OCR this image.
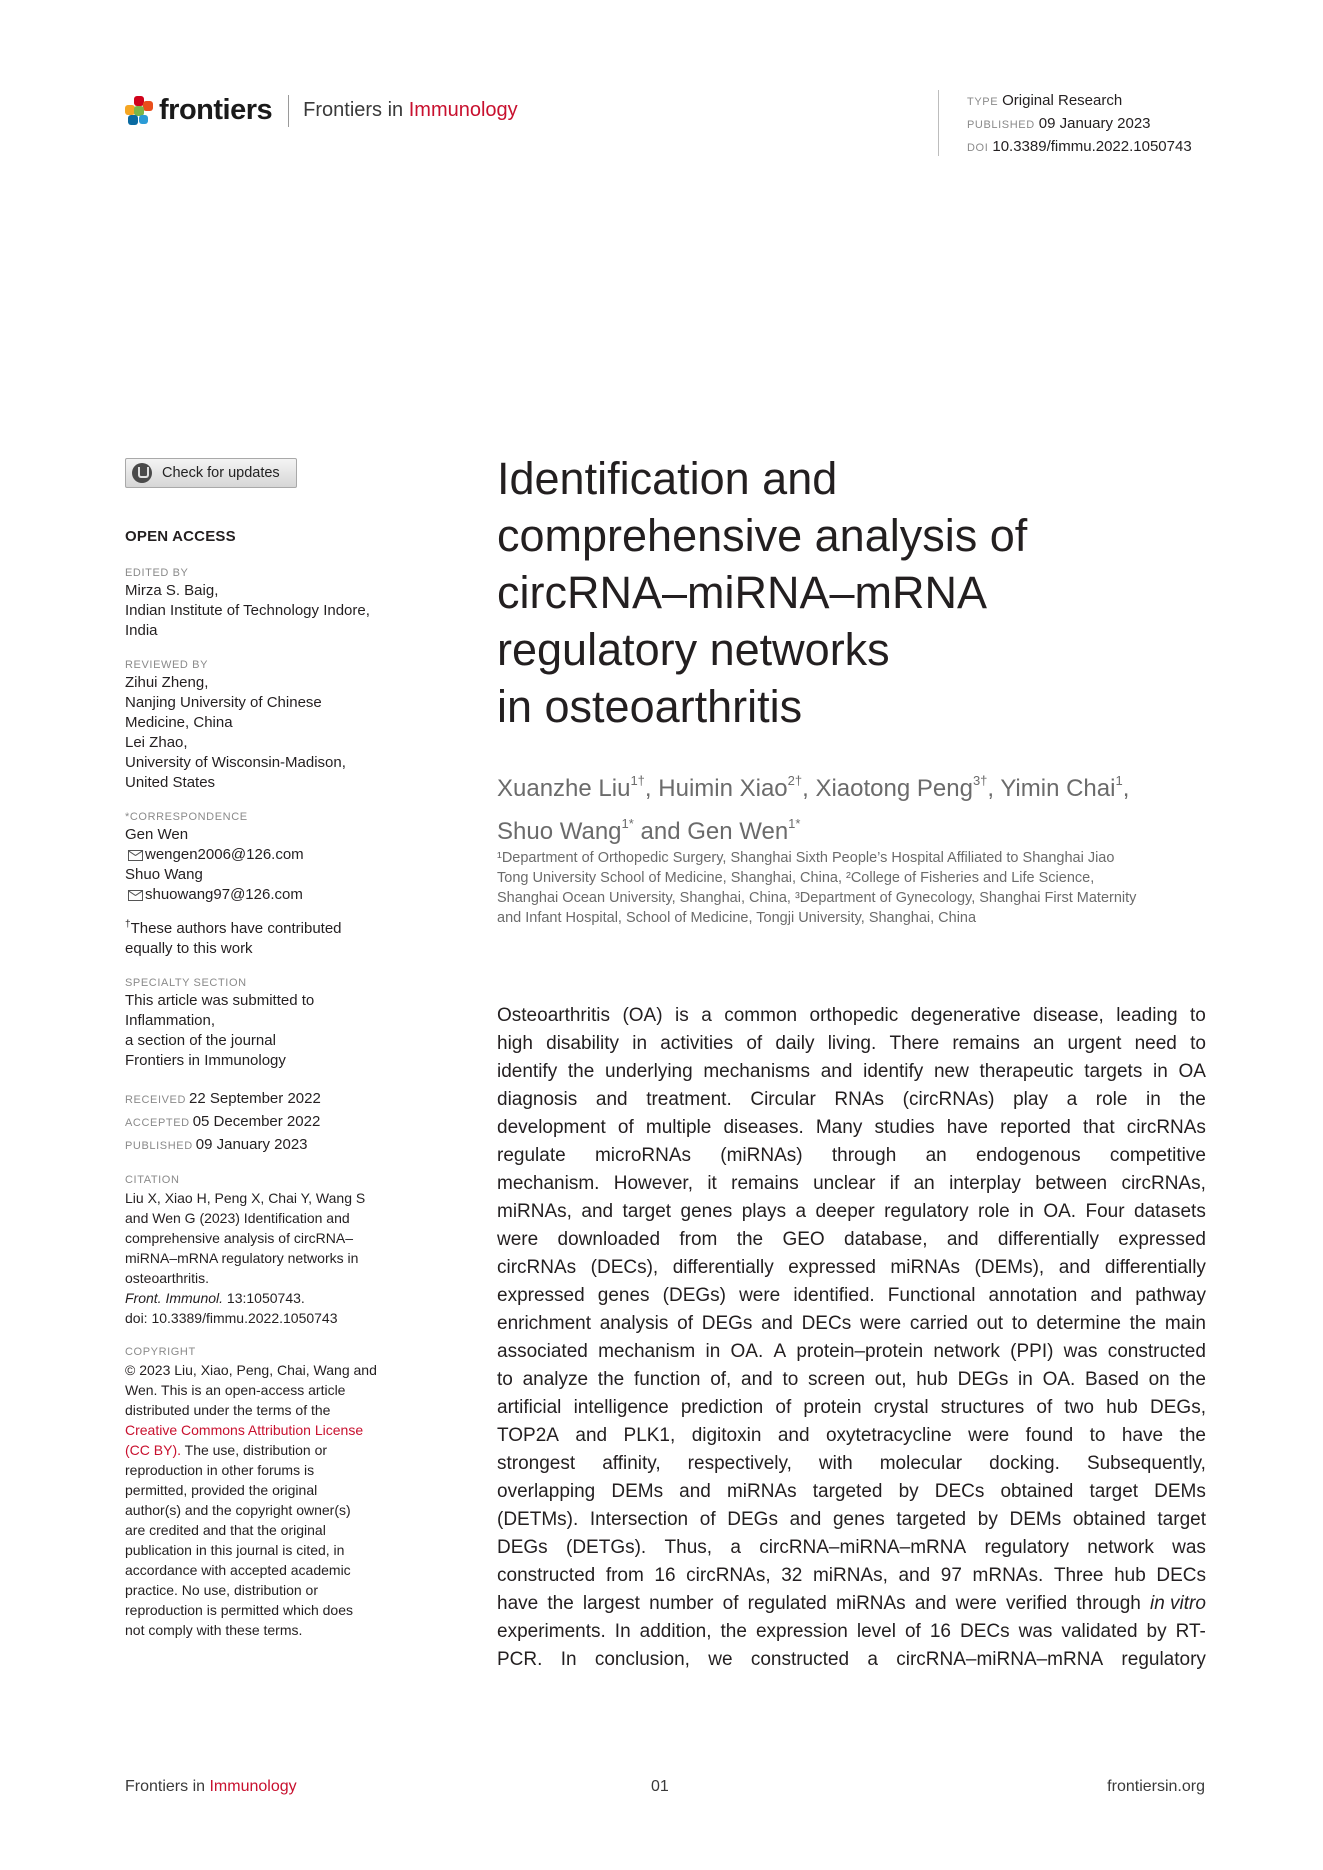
frontiers Frontiers in Immunology	TYPE Original Research
PUBLISHED 09 January 2023
DOI 10.3389/fimmu.2022.1050743
Check for updates
OPEN ACCESS
EDITED BY
Mirza S. Baig,
Indian Institute of Technology Indore,
India
REVIEWED BY
Zihui Zheng,
Nanjing University of Chinese
Medicine, China
Lei Zhao,
University of Wisconsin-Madison,
United States
*CORRESPONDENCE
Gen Wen
wengen2006@126.com
Shuo Wang
shuowang97@126.com
†These authors have contributed
equally to this work
SPECIALTY SECTION
This article was submitted to
Inflammation,
a section of the journal
Frontiers in Immunology
RECEIVED 22 September 2022
ACCEPTED 05 December 2022
PUBLISHED 09 January 2023
CITATION
Liu X, Xiao H, Peng X, Chai Y, Wang S
and Wen G (2023) Identification and
comprehensive analysis of circRNA–
miRNA–mRNA regulatory networks in
osteoarthritis.
Front. Immunol. 13:1050743.
doi: 10.3389/fimmu.2022.1050743
COPYRIGHT
© 2023 Liu, Xiao, Peng, Chai, Wang and
Wen. This is an open-access article
distributed under the terms of the
Creative Commons Attribution License
(CC BY). The use, distribution or
reproduction in other forums is
permitted, provided the original
author(s) and the copyright owner(s)
are credited and that the original
publication in this journal is cited, in
accordance with accepted academic
practice. No use, distribution or
reproduction is permitted which does
not comply with these terms.
Identification and
comprehensive analysis of
circRNA–miRNA–mRNA
regulatory networks
in osteoarthritis
Xuanzhe Liu$^{1\dagger}$, Huimin Xiao$^{2\dagger}$, Xiaotong Peng$^{3\dagger}$, Yimin Chai$^1$,
Shuo Wang$^{1*}$ and Gen Wen$^{1*}$
¹Department of Orthopedic Surgery, Shanghai Sixth People’s Hospital Affiliated to Shanghai Jiao
Tong University School of Medicine, Shanghai, China, ²College of Fisheries and Life Science,
Shanghai Ocean University, Shanghai, China, ³Department of Gynecology, Shanghai First Maternity
and Infant Hospital, School of Medicine, Tongji University, Shanghai, China
Osteoarthritis (OA) is a common orthopedic degenerative disease, leading to
high disability in activities of daily living. There remains an urgent need to
identify the underlying mechanisms and identify new therapeutic targets in OA
diagnosis and treatment. Circular RNAs (circRNAs) play a role in the
development of multiple diseases. Many studies have reported that circRNAs
regulate microRNAs (miRNAs) through an endogenous competitive
mechanism. However, it remains unclear if an interplay between circRNAs,
miRNAs, and target genes plays a deeper regulatory role in OA. Four datasets
were downloaded from the GEO database, and differentially expressed
circRNAs (DECs), differentially expressed miRNAs (DEMs), and differentially
expressed genes (DEGs) were identified. Functional annotation and pathway
enrichment analysis of DEGs and DECs were carried out to determine the main
associated mechanism in OA. A protein–protein network (PPI) was constructed
to analyze the function of, and to screen out, hub DEGs in OA. Based on the
artificial intelligence prediction of protein crystal structures of two hub DEGs,
TOP2A and PLK1, digitoxin and oxytetracycline were found to have the
strongest affinity, respectively, with molecular docking. Subsequently,
overlapping DEMs and miRNAs targeted by DECs obtained target DEMs
(DETMs). Intersection of DEGs and genes targeted by DEMs obtained target
DEGs (DETGs). Thus, a circRNA–miRNA–mRNA regulatory network was
constructed from 16 circRNAs, 32 miRNAs, and 97 mRNAs. Three hub DECs
have the largest number of regulated miRNAs and were verified through in vitro
experiments. In addition, the expression level of 16 DECs was validated by RT-
PCR. In conclusion, we constructed a circRNA–miRNA–mRNA regulatory
Frontiers in Immunology	01	frontiersin.org
